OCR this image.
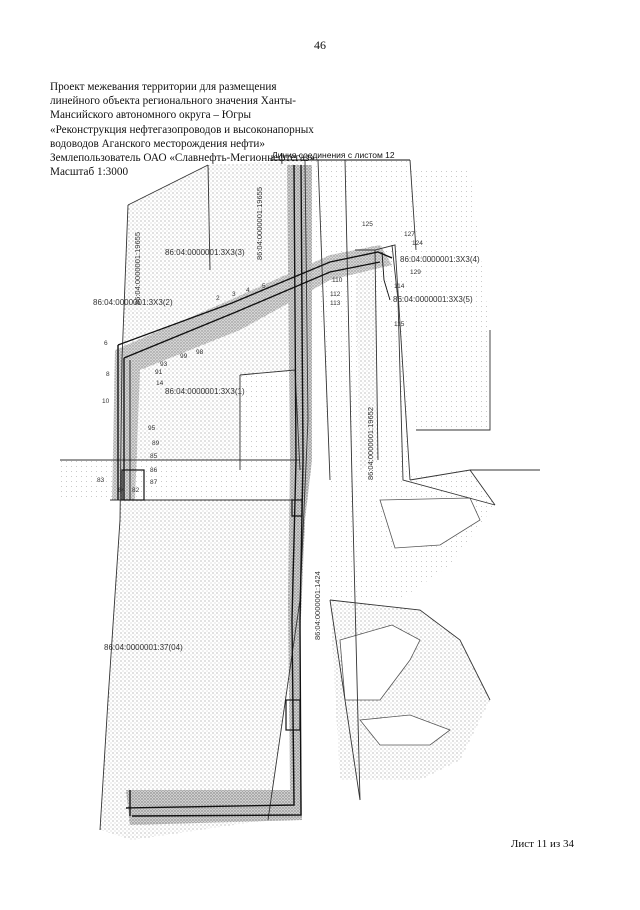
46
86:04:0000001:3Х3(3)
86:04:0000001:3Х3(4)
86:04:0000001:3Х3(2)	86:04:0000001:3Х3(5)
86:04:0000001:3Х3(1)
86:04:0000001:37(04)
86:04:0000001:19655
86:04:0000001:19655
86:04:0000001:19652
86:04:0000001:1424
125
127
124
129
114
115
6
8
10
14
93
91
95
89
85
86
87
99
98
110
112
113
83
84 82
2
3
4
5
Линия соединения с листом 12
Проект межевания территории для размещения
линейного объекта регионального значения Ханты-
Мансийского автономного округа – Югры
«Реконструкция нефтегазопроводов и высоконапорных
водоводов Аганского месторождения нефти»
Землепользователь ОАО «Славнефть-Мегионнефтегаз»
Масштаб 1:3000
Лист 11 из 34
